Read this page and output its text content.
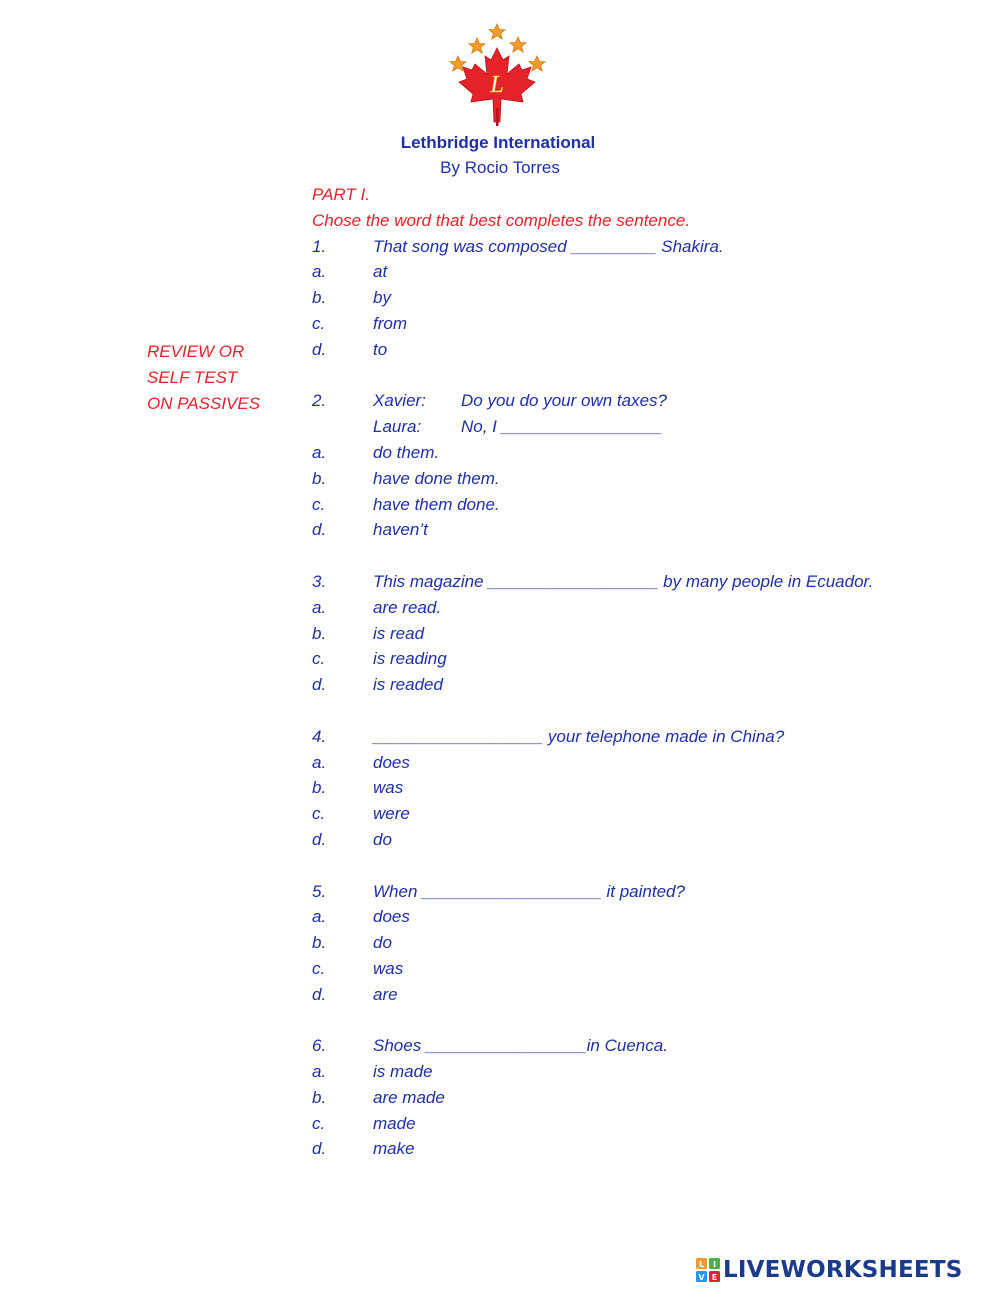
L
Lethbridge International
By Rocio Torres
REVIEW OR
SELF TEST
ON PASSIVES
PART I.
Chose the word that best completes the sentence.
1.	That song was composed _________ Shakira.
a.	at
b.	by
c.	from
d.	to
2.	Xavier:	Do you do your own taxes?
Laura:	No, I _________________
a.	do them.
b.	have done them.
c.	have them done.
d.	haven’t
3.	This magazine __________________ by many people in Ecuador.
a.	are read.
b.	is read
c.	is reading
d.	is readed
4.	__________________ your telephone made in China?
a.	does
b.	was
c.	were
d.	do
5.	When ___________________ it painted?
a.	does
b.	do
c.	was
d.	are
6.	Shoes _________________in Cuenca.
a.	is made
b.	are made
c.	made
d.	make
L I
V E LIVEWORKSHEETS
